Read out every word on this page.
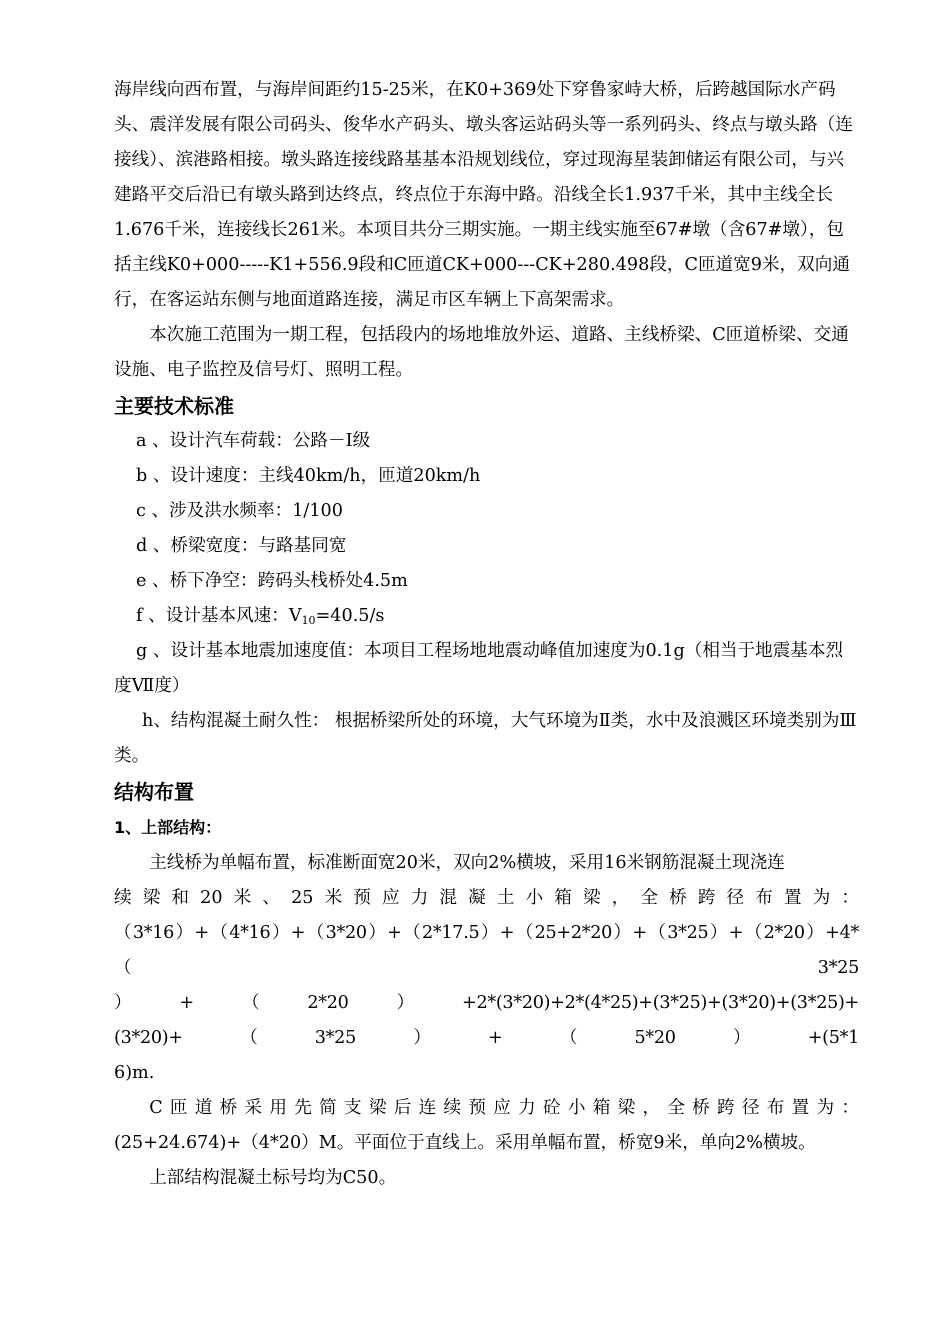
海岸线向西布置，与海岸间距约15-25米，在K0+369处下穿鲁家峙大桥，后跨越国际水产码头、震洋发展有限公司码头、俊华水产码头、墩头客运站码头等一系列码头、终点与墩头路（连接线）、滨港路相接。墩头路连接线路基基本沿规划线位，穿过现海星装卸储运有限公司，与兴建路平交后沿已有墩头路到达终点，终点位于东海中路。沿线全长1.937千米，其中主线全长1.676千米，连接线长261米。本项目共分三期实施。一期主线实施至67#墩（含67#墩），包括主线K0+000-----K1+556.9段和C匝道CK+000---CK+280.498段，C匝道宽9米，双向通行，在客运站东侧与地面道路连接，满足市区车辆上下高架需求。

本次施工范围为一期工程，包括段内的场地堆放外运、道路、主线桥梁、C匝道桥梁、交通设施、电子监控及信号灯、照明工程。

主要技术标准

a 、设计汽车荷载：公路－Ⅰ级

b 、设计速度：主线40km/h，匝道20km/h

c 、涉及洪水频率：1/100

d 、桥梁宽度：与路基同宽

e 、桥下净空：跨码头栈桥处4.5m

f 、设计基本风速：$V_{10}=40.5/s$

g 、设计基本地震加速度值：本项目工程场地地震动峰值加速度为0.1g（相当于地震基本烈度Ⅶ度）

h、结构混凝土耐久性： 根据桥梁所处的环境，大气环境为Ⅱ类，水中及浪溅区环境类别为Ⅲ类。

结构布置
1、上部结构：

主线桥为单幅布置，标准断面宽20米，双向2%横坡，采用16米钢筋混凝土现浇连

续梁和20米、25米预应力混凝土小箱梁，全桥跨径布置为：

（3*16）+（4*16）+（3*20）+（2*17.5）+（25+2*20）+（3*25）+（2*20）+4*（3*25

）+（2*20）+2*(3*20)+2*(4*25)+(3*25)+(3*20)+(3*25)+(3*20)+（3*25）+（5*20）+(5*1

6)m.

C匝道桥采用先简支梁后连续预应力砼小箱梁，全桥跨径布置为：

(25+24.674)+（4*20）M。平面位于直线上。采用单幅布置，桥宽9米，单向2%横坡。

上部结构混凝土标号均为C50。
